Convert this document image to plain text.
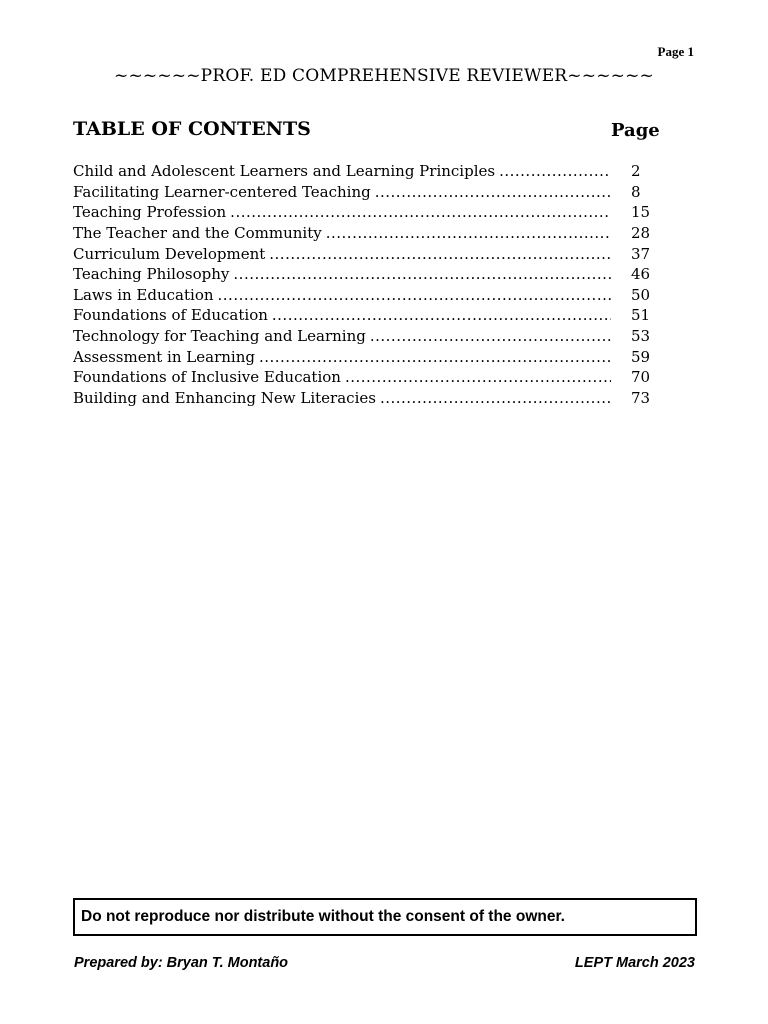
Page 1
~~~~~~PROF. ED COMPREHENSIVE REVIEWER~~~~~~
TABLE OF CONTENTS	Page
Child and Adolescent Learners and Learning Principles .....	2
Facilitating Learner-centered Teaching .....	8
Teaching Profession .....	15
The Teacher and the Community .....	28
Curriculum Development .....	37
Teaching Philosophy .....	46
Laws in Education .....	50
Foundations of Education .....	51
Technology for Teaching and Learning .....	53
Assessment in Learning .....	59
Foundations of Inclusive Education .....	70
Building and Enhancing New Literacies .....	73
Do not reproduce nor distribute without the consent of the owner.
Prepared by: Bryan T. Montaño	LEPT March 2023
